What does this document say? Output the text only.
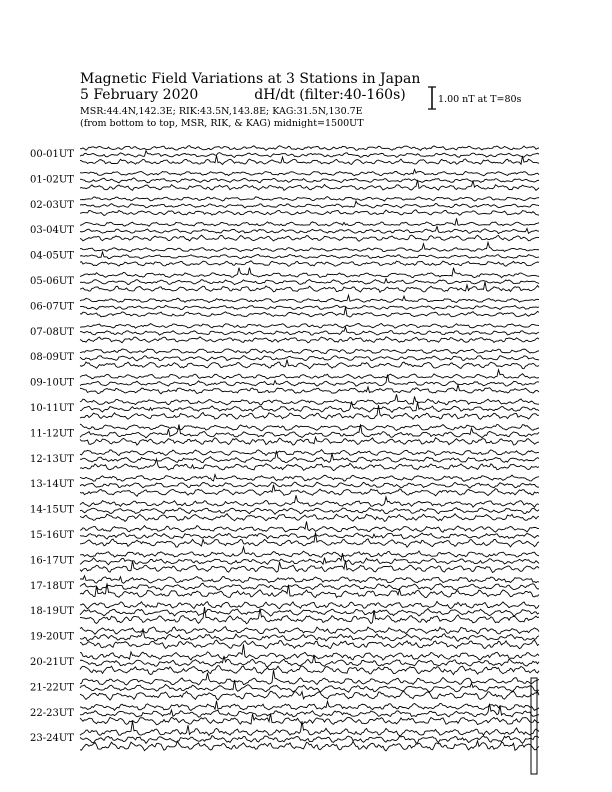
Magnetic Field Variations at 3 Stations in Japan
5 February 2020	dH/dt (filter:40-160s)
MSR:44.4N,142.3E; RIK:43.5N,143.8E; KAG:31.5N,130.7E
(from bottom to top, MSR, RIK, & KAG) midnight=1500UT
1.00 nT at T=80s
00-01UT
01-02UT
02-03UT
03-04UT
04-05UT
05-06UT
06-07UT
07-08UT
08-09UT
09-10UT
10-11UT
11-12UT
12-13UT
13-14UT
14-15UT
15-16UT
16-17UT
17-18UT
18-19UT
19-20UT
20-21UT
21-22UT
22-23UT
23-24UT
